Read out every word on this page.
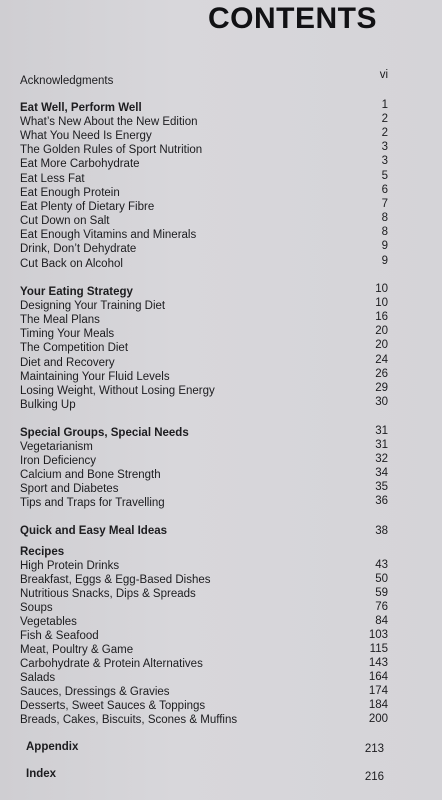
CONTENTS
Acknowledgments	vi
Eat Well, Perform Well	1
What’s New About the New Edition	2
What You Need Is Energy	2
The Golden Rules of Sport Nutrition	3
Eat More Carbohydrate	3
Eat Less Fat	5
Eat Enough Protein	6
Eat Plenty of Dietary Fibre	7
Cut Down on Salt	8
Eat Enough Vitamins and Minerals	8
Drink, Don’t Dehydrate	9
Cut Back on Alcohol	9
Your Eating Strategy	10
Designing Your Training Diet	10
The Meal Plans	16
Timing Your Meals	20
The Competition Diet	20
Diet and Recovery	24
Maintaining Your Fluid Levels	26
Losing Weight, Without Losing Energy	29
Bulking Up	30
Special Groups, Special Needs	31
Vegetarianism	31
Iron Deficiency	32
Calcium and Bone Strength	34
Sport and Diabetes	35
Tips and Traps for Travelling	36
Quick and Easy Meal Ideas	38
Recipes
High Protein Drinks	43
Breakfast, Eggs & Egg-Based Dishes	50
Nutritious Snacks, Dips & Spreads	59
Soups	76
Vegetables	84
Fish & Seafood	103
Meat, Poultry & Game	115
Carbohydrate & Protein Alternatives	143
Salads	164
Sauces, Dressings & Gravies	174
Desserts, Sweet Sauces & Toppings	184
Breads, Cakes, Biscuits, Scones & Muffins	200
Appendix	213
Index	216
